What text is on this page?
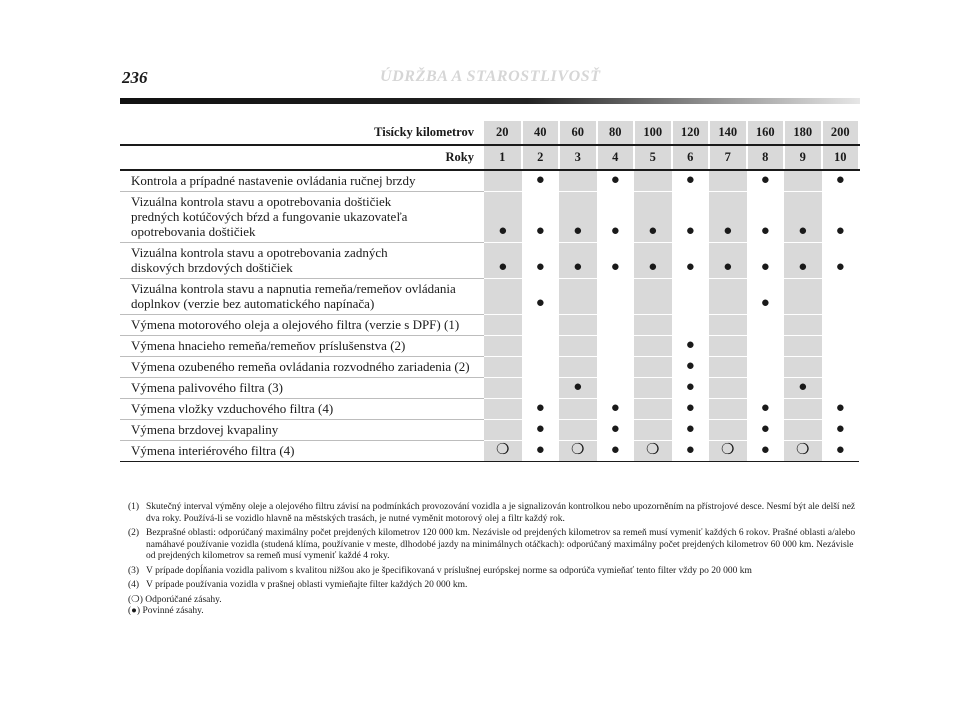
236	ÚDRŽBA A STAROSTLIVOSŤ
Tisícky kilometrov	20	40	60	80	100	120	140	160	180	200
Roky	1	2	3	4	5	6	7	8	9	10

Kontrola a prípadné nastavenie ovládania ručnej brzdy		●		●		●		●		●

Vizuálna kontrola stavu a opotrebovania doštičiek
predných kotúčových bŕzd a fungovanie ukazovateľa
opotrebovania doštičiek	●	●	●	●	●	●	●	●	●	●

Vizuálna kontrola stavu a opotrebovania zadných
diskových brzdových doštičiek	●	●	●	●	●	●	●	●	●	●

Vizuálna kontrola stavu a napnutia remeňa/remeňov ovládania
doplnkov (verzie bez automatického napínača)		●						●		

Výmena motorového oleja a olejového filtra (verzie s DPF) (1)										

Výmena hnacieho remeňa/remeňov príslušenstva (2)						●				

Výmena ozubeného remeňa ovládania rozvodného zariadenia (2)						●				

Výmena palivového filtra (3)			●			●			●	

Výmena vložky vzduchového filtra (4)		●		●		●		●		●

Výmena brzdovej kvapaliny		●		●		●		●		●

Výmena interiérového filtra (4)	❍	●	❍	●	❍	●	❍	●	❍	●
(1) Skutečný interval výměny oleje a olejového filtru závisí na podmínkách provozování vozidla a je signalizován kontrolkou nebo upozorněním na přístrojové desce. Nesmí být ale delší než dva roky. Používá-li se vozidlo hlavně na městských trasách, je nutné vyměnit motorový olej a filtr každý rok.
(2) Bezprašné oblasti: odporúčaný maximálny počet prejdených kilometrov 120 000 km. Nezávisle od prejdených kilometrov sa remeň musí vymeniť každých 6 rokov. Prašné oblasti a/alebo namáhavé používanie vozidla (studená klíma, používanie v meste, dlhodobé jazdy na minimálnych otáčkach): odporúčaný maximálny počet prejdených kilometrov 60 000 km. Nezávisle od prejdených kilometrov sa remeň musí vymeniť každé 4 roky.
(3) V prípade dopĺňania vozidla palivom s kvalitou nižšou ako je špecifikovaná v príslušnej európskej norme sa odporúča vymieňať tento filter vždy po 20 000 km
(4) V prípade používania vozidla v prašnej oblasti vymieňajte filter každých 20 000 km.
(❍) Odporúčané zásahy.
(●) Povinné zásahy.
